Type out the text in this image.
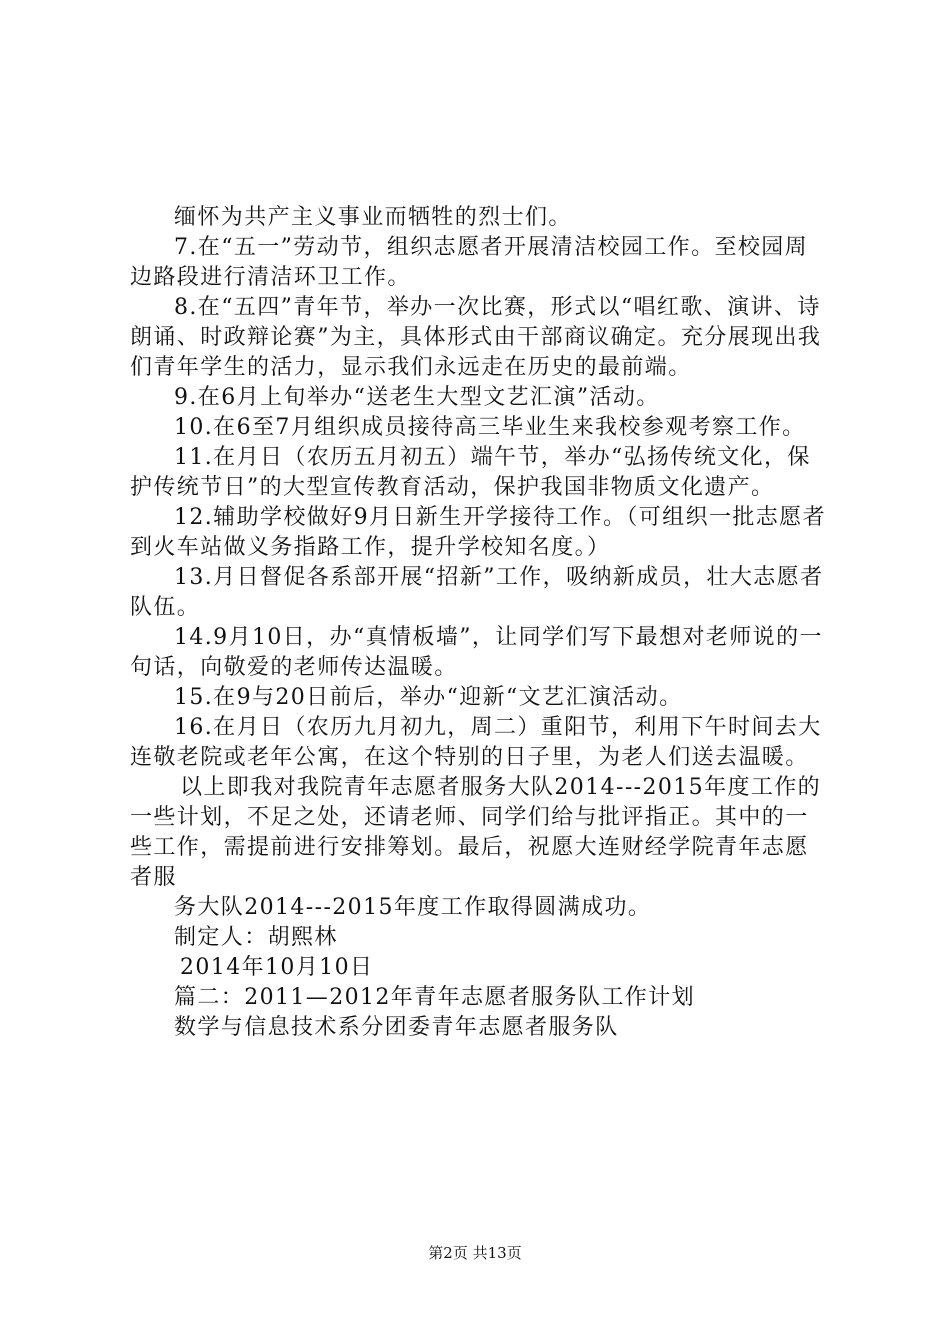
缅怀为共产主义事业而牺牲的烈士们。

7.在“五一”劳动节，组织志愿者开展清洁校园工作。至校园周边路段进行清洁环卫工作。

8.在“五四”青年节，举办一次比赛，形式以“唱红歌、演讲、诗朗诵、时政辩论赛”为主，具体形式由干部商议确定。充分展现出我们青年学生的活力，显示我们永远走在历史的最前端。

9.在6月上旬举办“送老生大型文艺汇演”活动。

10.在6至7月组织成员接待高三毕业生来我校参观考察工作。

11.在月日（农历五月初五）端午节，举办“弘扬传统文化，保护传统节日”的大型宣传教育活动，保护我国非物质文化遗产。

12.辅助学校做好9月日新生开学接待工作。（可组织一批志愿者到火车站做义务指路工作，提升学校知名度。）

13.月日督促各系部开展“招新”工作，吸纳新成员，壮大志愿者队伍。

14.9月10日，办“真情板墙”，让同学们写下最想对老师说的一句话，向敬爱的老师传达温暖。

15.在9与20日前后，举办“迎新“文艺汇演活动。

16.在月日（农历九月初九，周二）重阳节，利用下午时间去大连敬老院或老年公寓，在这个特别的日子里，为老人们送去温暖。

以上即我对我院青年志愿者服务大队2014---2015年度工作的一些计划，不足之处，还请老师、同学们给与批评指正。其中的一些工作，需提前进行安排筹划。最后，祝愿大连财经学院青年志愿者服

务大队2014---2015年度工作取得圆满成功。

制定人：胡熙林

2014年10月10日

篇二：2011—2012年青年志愿者服务队工作计划

数学与信息技术系分团委青年志愿者服务队

第2页 共13页
